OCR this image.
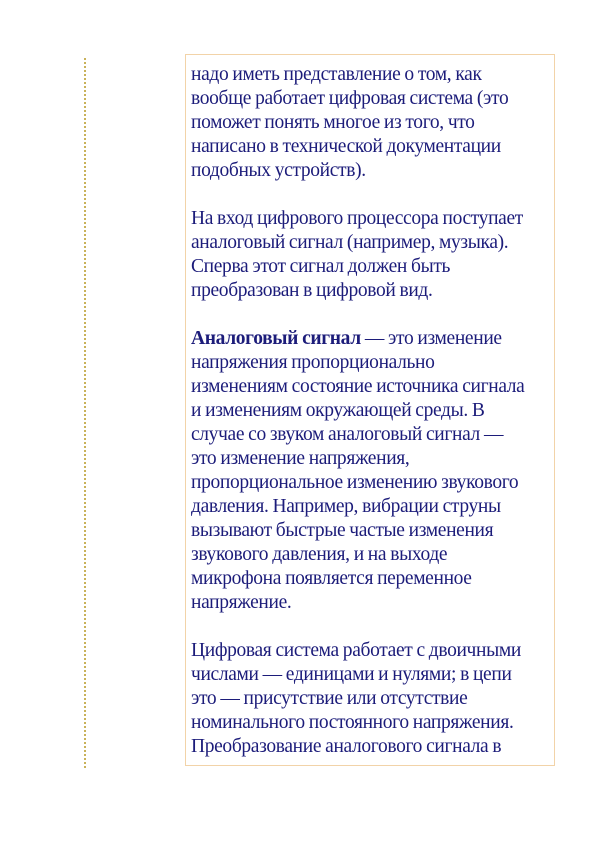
надо иметь представление о том, как
вообще работает цифровая система (это
поможет понять многое из того, что
написано в технической документации
подобных устройств).

На вход цифрового процессора поступает
аналоговый сигнал (например, музыка).
Сперва этот сигнал должен быть
преобразован в цифровой вид.

Аналоговый сигнал — это изменение
напряжения пропорционально
изменениям состояние источника сигнала
и изменениям окружающей среды. В
случае со звуком аналоговый сигнал —
это изменение напряжения,
пропорциональное изменению звукового
давления. Например, вибрации струны
вызывают быстрые частые изменения
звукового давления, и на выходе
микрофона появляется переменное
напряжение.

Цифровая система работает с двоичными
числами — единицами и нулями; в цепи
это — присутствие или отсутствие
номинального постоянного напряжения.
Преобразование аналогового сигнала в
